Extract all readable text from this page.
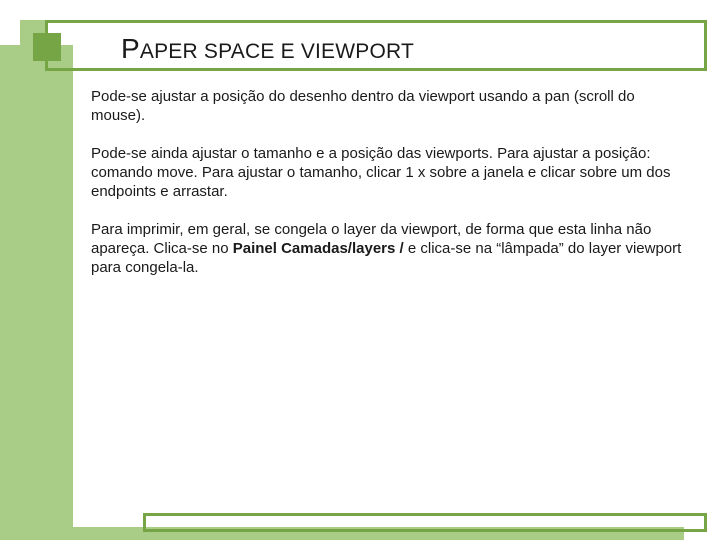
PAPER SPACE E VIEWPORT

Pode-se ajustar a posição do desenho dentro da viewport usando a pan (scroll do mouse).

Pode-se ainda ajustar o tamanho e a posição das viewports. Para ajustar a posição: comando move. Para ajustar o tamanho, clicar 1 x sobre a janela e clicar sobre um dos endpoints e arrastar.

Para imprimir, em geral, se congela o layer da viewport, de forma que esta linha não apareça. Clica-se no Painel Camadas/layers / e clica-se na “lâmpada” do layer viewport para congela-la.
